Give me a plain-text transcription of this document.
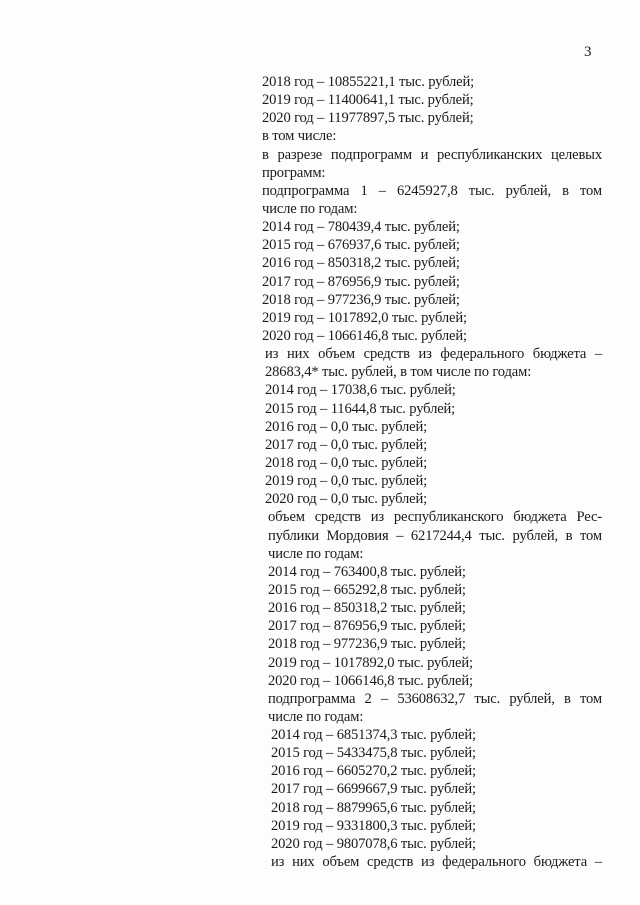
3
2018 год – 10855221,1 тыс. рублей;
2019 год – 11400641,1 тыс. рублей;
2020 год – 11977897,5 тыс. рублей;
в том числе:
в разрезе подпрограмм и республиканских целевых
программ:
подпрограмма 1 – 6245927,8 тыс. рублей, в том
числе по годам:
2014 год – 780439,4 тыс. рублей;
2015 год – 676937,6 тыс. рублей;
2016 год – 850318,2 тыс. рублей;
2017 год – 876956,9 тыс. рублей;
2018 год – 977236,9 тыс. рублей;
2019 год – 1017892,0 тыс. рублей;
2020 год – 1066146,8 тыс. рублей;
из них объем средств из федерального бюджета –
28683,4* тыс. рублей, в том числе по годам:
2014 год – 17038,6 тыс. рублей;
2015 год – 11644,8 тыс. рублей;
2016 год – 0,0 тыс. рублей;
2017 год – 0,0 тыс. рублей;
2018 год – 0,0 тыс. рублей;
2019 год – 0,0 тыс. рублей;
2020 год – 0,0 тыс. рублей;
объем средств из республиканского бюджета Рес-
публики Мордовия – 6217244,4 тыс. рублей, в том
числе по годам:
2014 год – 763400,8 тыс. рублей;
2015 год – 665292,8 тыс. рублей;
2016 год – 850318,2 тыс. рублей;
2017 год – 876956,9 тыс. рублей;
2018 год – 977236,9 тыс. рублей;
2019 год – 1017892,0 тыс. рублей;
2020 год – 1066146,8 тыс. рублей;
подпрограмма 2 – 53608632,7 тыс. рублей, в том
числе по годам:
2014 год – 6851374,3 тыс. рублей;
2015 год – 5433475,8 тыс. рублей;
2016 год – 6605270,2 тыс. рублей;
2017 год – 6699667,9 тыс. рублей;
2018 год – 8879965,6 тыс. рублей;
2019 год – 9331800,3 тыс. рублей;
2020 год – 9807078,6 тыс. рублей;
из них объем средств из федерального бюджета –
